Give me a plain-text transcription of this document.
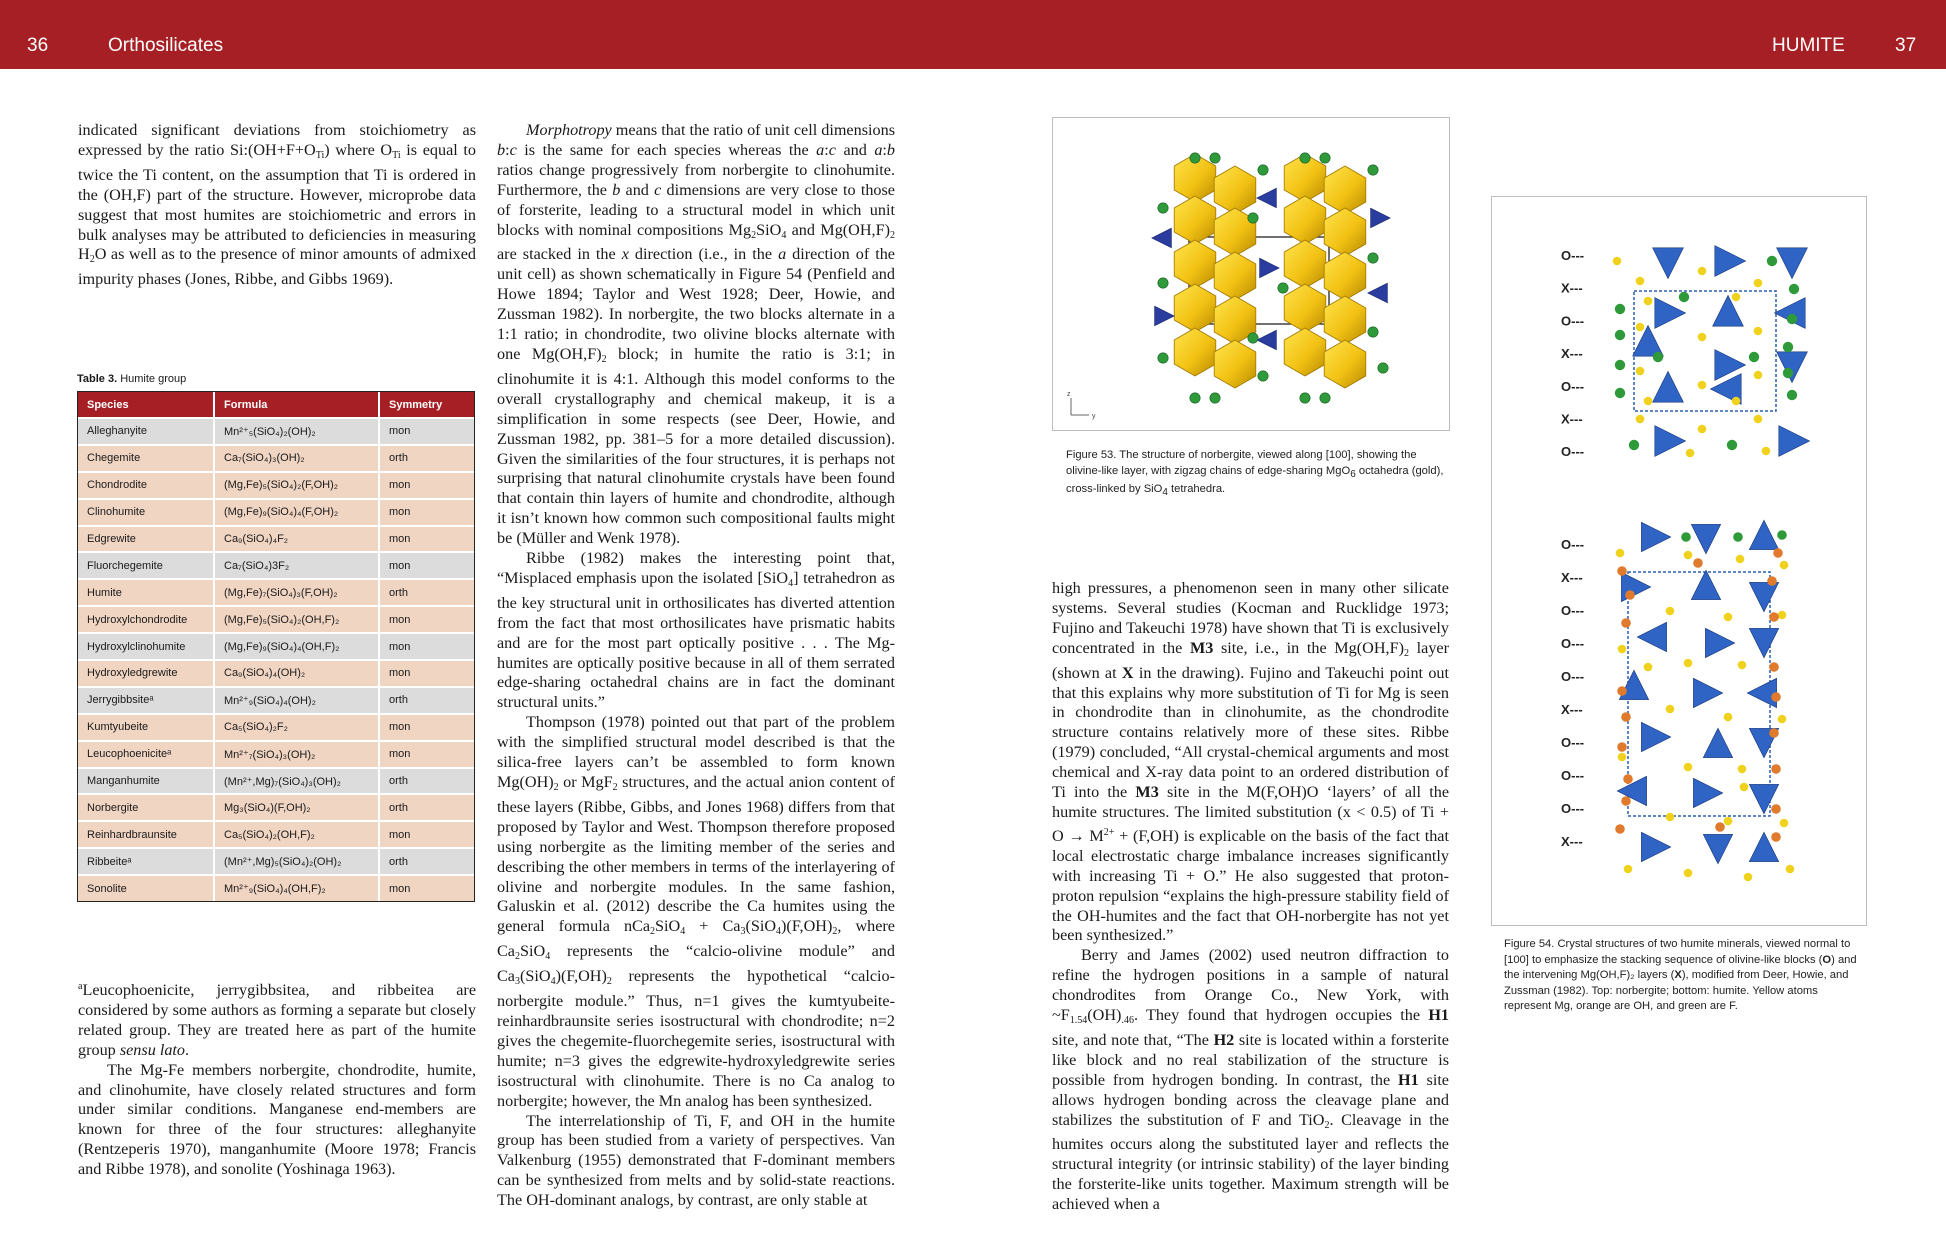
36	Orthosilicates	HUMITE	37

indicated significant deviations from stoichiometry as expressed by the ratio $Si:(OH+F+O_{Ti})$ where $O_{Ti}$ is equal to twice the Ti content, on the assumption that Ti is ordered in the (OH,F) part of the structure. However, microprobe data suggest that most humites are stoichiometric and errors in bulk analyses may be attributed to deficiencies in measuring $H_2O$ as well as to the presence of minor amounts of admixed impurity phases (Jones, Ribbe, and Gibbs 1969).

Table 3. Humite group
Species	Formula	Symmetry
Alleghanyite	Mn²⁺₅(SiO₄)₂(OH)₂	mon
Chegemite	Ca₇(SiO₄)₃(OH)₂	orth
Chondrodite	(Mg,Fe)₅(SiO₄)₂(F,OH)₂	mon
Clinohumite	(Mg,Fe)₉(SiO₄)₄(F,OH)₂	mon
Edgrewite	Ca₉(SiO₄)₄F₂	mon
Fluorchegemite	Ca₇(SiO₄)3F₂	mon
Humite	(Mg,Fe)₇(SiO₄)₃(F,OH)₂	orth
Hydroxylchondrodite	(Mg,Fe)₅(SiO₄)₂(OH,F)₂	mon
Hydroxylclinohumite	(Mg,Fe)₉(SiO₄)₄(OH,F)₂	mon
Hydroxyledgrewite	Ca₉(SiO₄)₄(OH)₂	mon
Jerrygibbsiteᵃ	Mn²⁺₉(SiO₄)₄(OH)₂	orth
Kumtyubeite	Ca₅(SiO₄)₂F₂	mon
Leucophoeniciteᵃ	Mn²⁺₇(SiO₄)₃(OH)₂	mon
Manganhumite	(Mn²⁺,Mg)₇(SiO₄)₃(OH)₂	orth
Norbergite	Mg₃(SiO₄)(F,OH)₂	orth
Reinhardbraunsite	Ca₅(SiO₄)₂(OH,F)₂	mon
Ribbeiteᵃ	(Mn²⁺,Mg)₅(SiO₄)₂(OH)₂	orth
Sonolite	Mn²⁺₉(SiO₄)₄(OH,F)₂	mon

$^a$Leucophoenicite, jerrygibbsitea, and ribbeitea are considered by some authors as forming a separate but closely related group. They are treated here as part of the humite group sensu lato.

The Mg-Fe members norbergite, chondrodite, humite, and clinohumite, have closely related structures and form under similar conditions. Manganese end-members are known for three of the four structures: alleghanyite (Rentzeperis 1970), manganhumite (Moore 1978; Francis and Ribbe 1978), and sonolite (Yoshinaga 1963).

Morphotropy means that the ratio of unit cell dimensions b:c is the same for each species whereas the a:c and a:b ratios change progressively from norbergite to clinohumite. Furthermore, the b and c dimensions are very close to those of forsterite, leading to a structural model in which unit blocks with nominal compositions $Mg_2SiO_4$ and $Mg(OH,F)_2$ are stacked in the x direction (i.e., in the a direction of the unit cell) as shown schematically in Figure 54 (Penfield and Howe 1894; Taylor and West 1928; Deer, Howie, and Zussman 1982). In norbergite, the two blocks alternate in a 1:1 ratio; in chondrodite, two olivine blocks alternate with one $Mg(OH,F)_2$ block; in humite the ratio is 3:1; in clinohumite it is 4:1. Although this model conforms to the overall crystallography and chemical makeup, it is a simplification in some respects (see Deer, Howie, and Zussman 1982, pp. 381–5 for a more detailed discussion). Given the similarities of the four structures, it is perhaps not surprising that natural clinohumite crystals have been found that contain thin layers of humite and chondrodite, although it isn’t known how common such compositional faults might be (Müller and Wenk 1978).

Ribbe (1982) makes the interesting point that, “Misplaced emphasis upon the isolated [SiO$_4$] tetrahedron as the key structural unit in orthosilicates has diverted attention from the fact that most orthosilicates have prismatic habits and are for the most part optically positive . . . The Mg-humites are optically positive because in all of them serrated edge-sharing octahedral chains are in fact the dominant structural units.”

Thompson (1978) pointed out that part of the problem with the simplified structural model described is that the silica-free layers can’t be assembled to form known $Mg(OH)_2$ or MgF$_2$ structures, and the actual anion content of these layers (Ribbe, Gibbs, and Jones 1968) differs from that proposed by Taylor and West. Thompson therefore proposed using norbergite as the limiting member of the series and describing the other members in terms of the interlayering of olivine and norbergite modules. In the same fashion, Galuskin et al. (2012) describe the Ca humites using the general formula $nCa_2SiO_4 + Ca_3(SiO_4)(F,OH)_2$, where $Ca_2SiO_4$ represents the “calcio-olivine module” and $Ca_3(SiO_4)(F,OH)_2$ represents the hypothetical “calcio-norbergite module.” Thus, n=1 gives the kumtyubeite-reinhardbraunsite series isostructural with chondrodite; n=2 gives the chegemite-fluorchegemite series, isostructural with humite; n=3 gives the edgrewite-hydroxyledgrewite series isostructural with clinohumite. There is no Ca analog to norbergite; however, the Mn analog has been synthesized.

The interrelationship of Ti, F, and OH in the humite group has been studied from a variety of perspectives. Van Valkenburg (1955) demonstrated that F-dominant members can be synthesized from melts and by solid-state reactions. The OH-dominant analogs, by contrast, are only stable at

z
y
Figure 53. The structure of norbergite, viewed along [100], showing the olivine-like layer, with zigzag chains of edge-sharing MgO6 octahedra (gold), cross-linked by SiO4 tetrahedra.

high pressures, a phenomenon seen in many other silicate systems. Several studies (Kocman and Rucklidge 1973; Fujino and Takeuchi 1978) have shown that Ti is exclusively concentrated in the M3 site, i.e., in the $Mg(OH,F)_2$ layer (shown at X in the drawing). Fujino and Takeuchi point out that this explains why more substitution of Ti for Mg is seen in chondrodite than in clinohumite, as the chondrodite structure contains relatively more of these sites. Ribbe (1979) concluded, “All crystal-chemical arguments and most chemical and X-ray data point to an ordered distribution of Ti into the M3 site in the M(F,OH)O ‘layers’ of all the humite structures. The limited substitution (x < 0.5) of $Ti + O \to M^{2+} + (F,OH)$ is explicable on the basis of the fact that local electrostatic charge imbalance increases significantly with increasing Ti + O.” He also suggested that proton-proton repulsion “explains the high-pressure stability field of the OH-humites and the fact that OH-norbergite has not yet been synthesized.”

Berry and James (2002) used neutron diffraction to refine the hydrogen positions in a sample of natural chondrodites from Orange Co., New York, with $\sim F_{1.54}(OH)_{.46}$. They found that hydrogen occupies the H1 site, and note that, “The H2 site is located within a forsterite like block and no real stabilization of the structure is possible from hydrogen bonding. In contrast, the H1 site allows hydrogen bonding across the cleavage plane and stabilizes the substitution of F and TiO$_2$. Cleavage in the humites occurs along the substituted layer and reflects the structural integrity (or intrinsic stability) of the layer binding the forsterite-like units together. Maximum strength will be achieved when a

O---
X---
O---
X---
O---
X---
O---
O---
X---
O---
O---
O---
X---
O---
O---
O---
X---
Figure 54. Crystal structures of two humite minerals, viewed normal to [100] to emphasize the stacking sequence of olivine-like blocks (O) and the intervening Mg(OH,F)₂ layers (X), modified from Deer, Howie, and Zussman (1982). Top: norbergite; bottom: humite. Yellow atoms represent Mg, orange are OH, and green are F.
